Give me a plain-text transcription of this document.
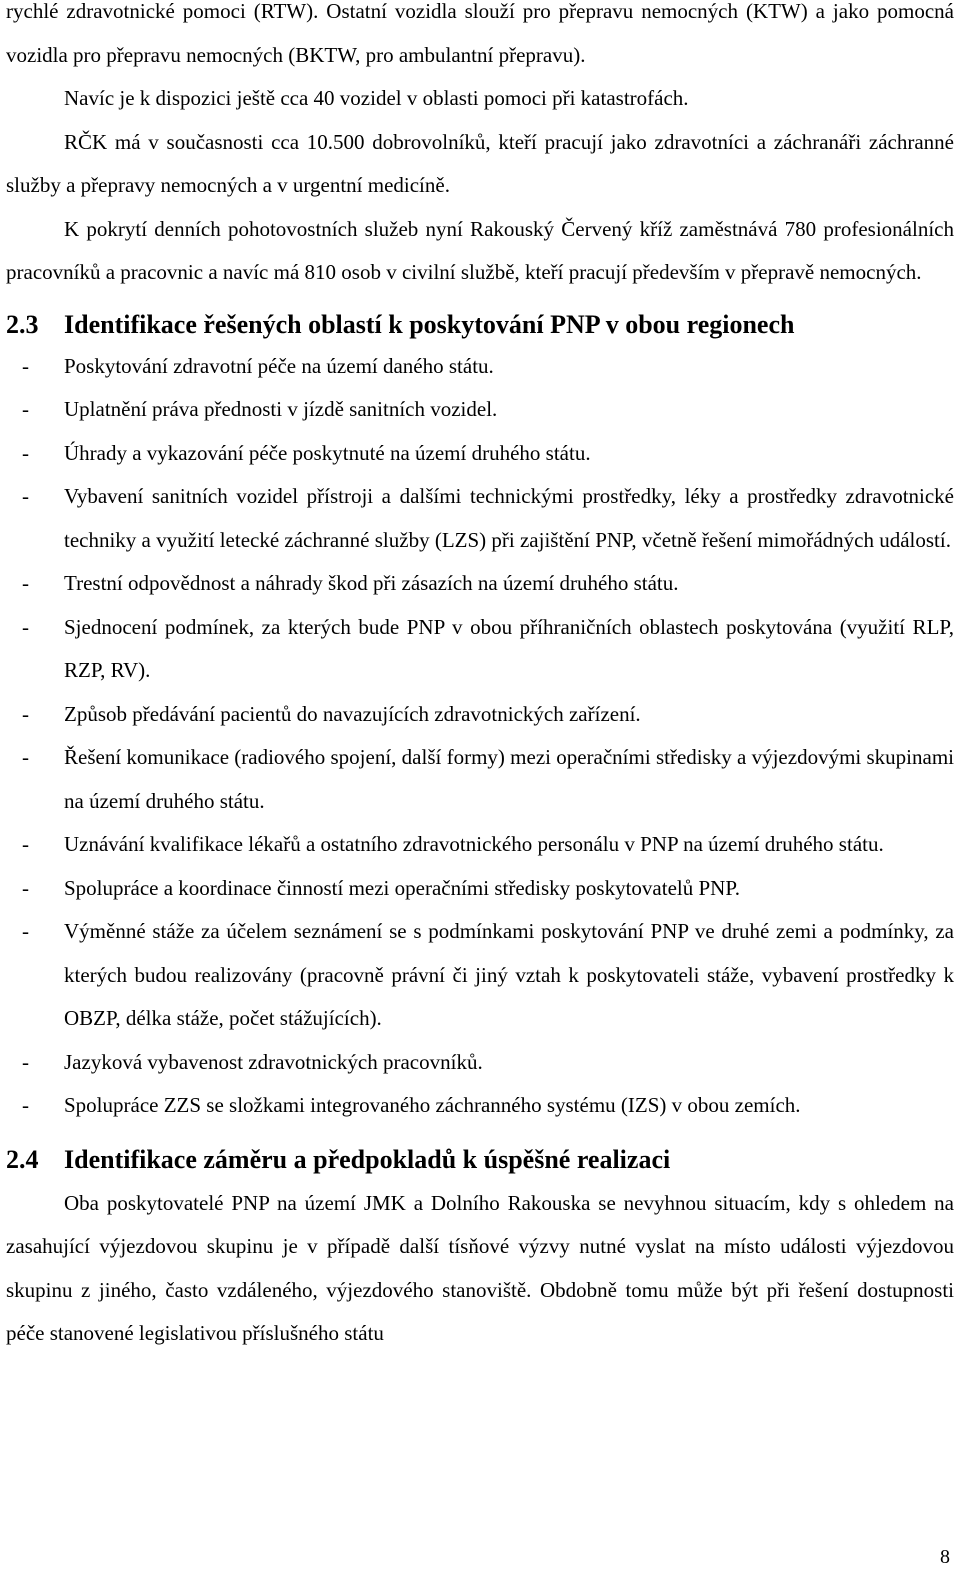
rychlé zdravotnické pomoci (RTW). Ostatní vozidla slouží pro přepravu nemocných (KTW) a jako pomocná vozidla pro přepravu nemocných (BKTW, pro ambulantní přepravu).

Navíc je k dispozici ještě cca 40 vozidel v oblasti pomoci při katastrofách.

RČK má v současnosti cca 10.500 dobrovolníků, kteří pracují jako zdravotníci a záchranáři záchranné služby a přepravy nemocných a v urgentní medicíně.

K pokrytí denních pohotovostních služeb nyní Rakouský Červený kříž zaměstnává 780 profesionálních pracovníků a pracovnic a navíc má 810 osob v civilní službě, kteří pracují především v přepravě nemocných.

2.3 Identifikace řešených oblastí k poskytování PNP v obou regionech
-	Poskytování zdravotní péče na území daného státu.
-	Uplatnění práva přednosti v jízdě sanitních vozidel.
-	Úhrady a vykazování péče poskytnuté na území druhého státu.
-	Vybavení sanitních vozidel přístroji a dalšími technickými prostředky, léky a prostředky zdravotnické techniky a využití letecké záchranné služby (LZS) při zajištění PNP, včetně řešení mimořádných událostí.
-	Trestní odpovědnost a náhrady škod při zásazích na území druhého státu.
-	Sjednocení podmínek, za kterých bude PNP v obou příhraničních oblastech poskytována (využití RLP, RZP, RV).
-	Způsob předávání pacientů do navazujících zdravotnických zařízení.
-	Řešení komunikace (radiového spojení, další formy) mezi operačními středisky a výjezdovými skupinami na území druhého státu.
-	Uznávání kvalifikace lékařů a ostatního zdravotnického personálu v PNP na území druhého státu.
-	Spolupráce a koordinace činností mezi operačními středisky poskytovatelů PNP.
-	Výměnné stáže za účelem seznámení se s podmínkami poskytování PNP ve druhé zemi a podmínky, za kterých budou realizovány (pracovně právní či jiný vztah k poskytovateli stáže, vybavení prostředky k OBZP, délka stáže, počet stážujících).
-	Jazyková vybavenost zdravotnických pracovníků.
-	Spolupráce ZZS se složkami integrovaného záchranného systému (IZS) v obou zemích.
2.4 Identifikace záměru a předpokladů k úspěšné realizaci

Oba poskytovatelé PNP na území JMK a Dolního Rakouska se nevyhnou situacím, kdy s ohledem na zasahující výjezdovou skupinu je v případě další tísňové výzvy nutné vyslat na místo události výjezdovou skupinu z jiného, často vzdáleného, výjezdového stanoviště. Obdobně tomu může být při řešení dostupnosti péče stanovené legislativou příslušného státu

8
